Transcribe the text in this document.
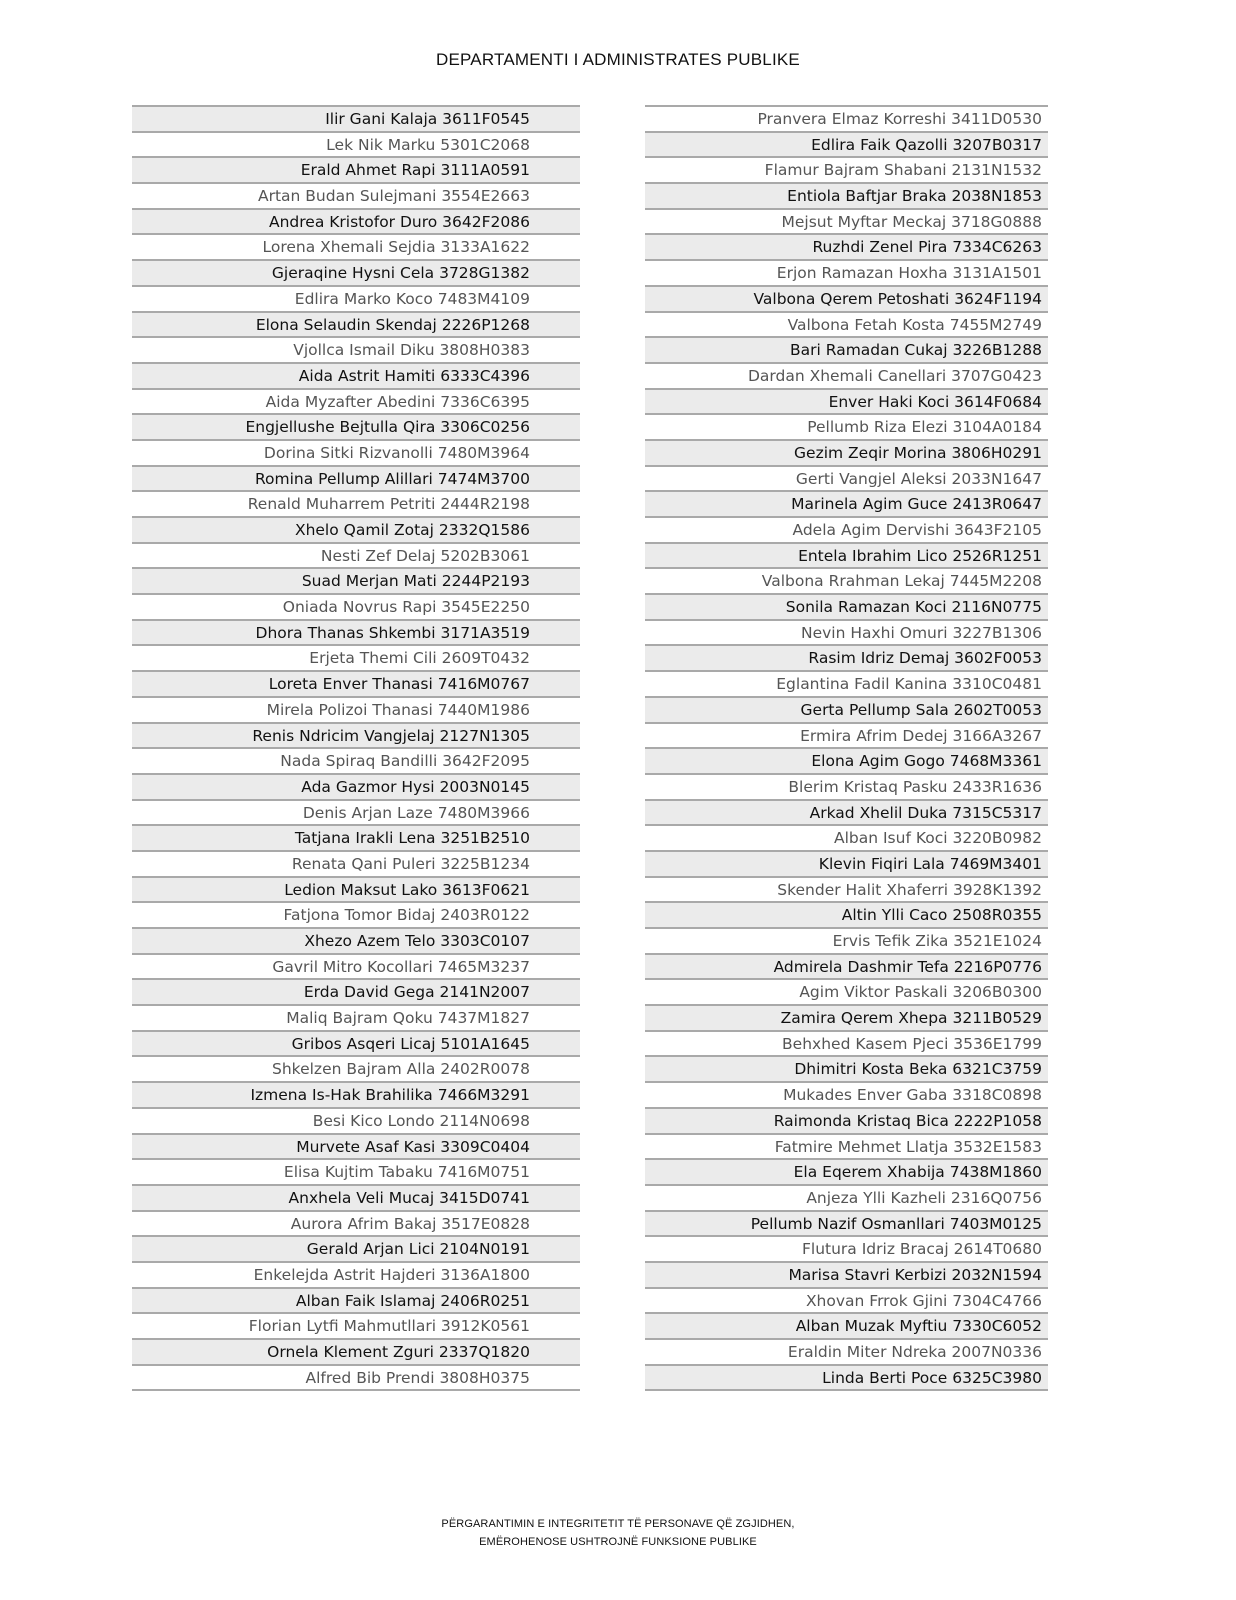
DEPARTAMENTI I ADMINISTRATES PUBLIKE
Ilir Gani Kalaja 3611F0545
Lek Nik Marku 5301C2068
Erald Ahmet Rapi 3111A0591
Artan Budan Sulejmani 3554E2663
Andrea Kristofor Duro 3642F2086
Lorena Xhemali Sejdia 3133A1622
Gjeraqine Hysni Cela 3728G1382
Edlira Marko Koco 7483M4109
Elona Selaudin Skendaj 2226P1268
Vjollca Ismail Diku 3808H0383
Aida Astrit Hamiti 6333C4396
Aida Myzafter Abedini 7336C6395
Engjellushe Bejtulla Qira 3306C0256
Dorina Sitki Rizvanolli 7480M3964
Romina Pellump Alillari 7474M3700
Renald Muharrem Petriti 2444R2198
Xhelo Qamil Zotaj 2332Q1586
Nesti Zef Delaj 5202B3061
Suad Merjan Mati 2244P2193
Oniada Novrus Rapi 3545E2250
Dhora Thanas Shkembi 3171A3519
Erjeta Themi Cili 2609T0432
Loreta Enver Thanasi 7416M0767
Mirela Polizoi Thanasi 7440M1986
Renis Ndricim Vangjelaj 2127N1305
Nada Spiraq Bandilli 3642F2095
Ada Gazmor Hysi 2003N0145
Denis Arjan Laze 7480M3966
Tatjana Irakli Lena 3251B2510
Renata Qani Puleri 3225B1234
Ledion Maksut Lako 3613F0621
Fatjona Tomor Bidaj 2403R0122
Xhezo Azem Telo 3303C0107
Gavril Mitro Kocollari 7465M3237
Erda David Gega 2141N2007
Maliq Bajram Qoku 7437M1827
Gribos Asqeri Licaj 5101A1645
Shkelzen Bajram Alla 2402R0078
Izmena Is-Hak Brahilika 7466M3291
Besi Kico Londo 2114N0698
Murvete Asaf Kasi 3309C0404
Elisa Kujtim Tabaku 7416M0751
Anxhela Veli Mucaj 3415D0741
Aurora Afrim Bakaj 3517E0828
Gerald Arjan Lici 2104N0191
Enkelejda Astrit Hajderi 3136A1800
Alban Faik Islamaj 2406R0251
Florian Lytfi Mahmutllari 3912K0561
Ornela Klement Zguri 2337Q1820
Alfred Bib Prendi 3808H0375
Pranvera Elmaz Korreshi 3411D0530
Edlira Faik Qazolli 3207B0317
Flamur Bajram Shabani 2131N1532
Entiola Baftjar Braka 2038N1853
Mejsut Myftar Meckaj 3718G0888
Ruzhdi Zenel Pira 7334C6263
Erjon Ramazan Hoxha 3131A1501
Valbona Qerem Petoshati 3624F1194
Valbona Fetah Kosta 7455M2749
Bari Ramadan Cukaj 3226B1288
Dardan Xhemali Canellari 3707G0423
Enver Haki Koci 3614F0684
Pellumb Riza Elezi 3104A0184
Gezim Zeqir Morina 3806H0291
Gerti Vangjel Aleksi 2033N1647
Marinela Agim Guce 2413R0647
Adela Agim Dervishi 3643F2105
Entela Ibrahim Lico 2526R1251
Valbona Rrahman Lekaj 7445M2208
Sonila Ramazan Koci 2116N0775
Nevin Haxhi Omuri 3227B1306
Rasim Idriz Demaj 3602F0053
Eglantina Fadil Kanina 3310C0481
Gerta Pellump Sala 2602T0053
Ermira Afrim Dedej 3166A3267
Elona Agim Gogo 7468M3361
Blerim Kristaq Pasku 2433R1636
Arkad Xhelil Duka 7315C5317
Alban Isuf Koci 3220B0982
Klevin Fiqiri Lala 7469M3401
Skender Halit Xhaferri 3928K1392
Altin Ylli Caco 2508R0355
Ervis Tefik Zika 3521E1024
Admirela Dashmir Tefa 2216P0776
Agim Viktor Paskali 3206B0300
Zamira Qerem Xhepa 3211B0529
Behxhed Kasem Pjeci 3536E1799
Dhimitri Kosta Beka 6321C3759
Mukades Enver Gaba 3318C0898
Raimonda Kristaq Bica 2222P1058
Fatmire Mehmet Llatja 3532E1583
Ela Eqerem Xhabija 7438M1860
Anjeza Ylli Kazheli 2316Q0756
Pellumb Nazif Osmanllari 7403M0125
Flutura Idriz Bracaj 2614T0680
Marisa Stavri Kerbizi 2032N1594
Xhovan Frrok Gjini 7304C4766
Alban Muzak Myftiu 7330C6052
Eraldin Miter Ndreka 2007N0336
Linda Berti Poce 6325C3980
PËRGARANTIMIN E INTEGRITETIT TË PERSONAVE QË ZGJIDHEN,
EMËROHENOSE USHTROJNË FUNKSIONE PUBLIKE
